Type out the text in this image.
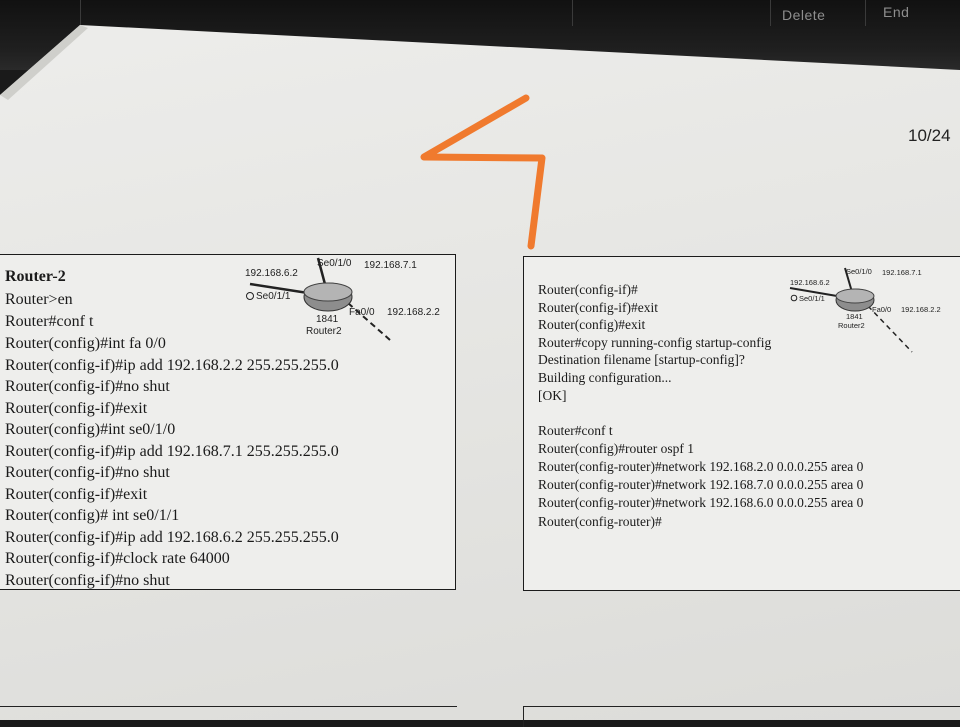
Delete	End
10/24
Router-2
Router>en
Router#conf t
Router(config)#int fa 0/0
Router(config-if)#ip add 192.168.2.2 255.255.255.0
Router(config-if)#no shut
Router(config-if)#exit
Router(config)#int se0/1/0
Router(config-if)#ip add 192.168.7.1 255.255.255.0
Router(config-if)#no shut
Router(config-if)#exit
Router(config)# int se0/1/1
Router(config-if)#ip add 192.168.6.2 255.255.255.0
Router(config-if)#clock rate 64000
Router(config-if)#no shut
Se0/1/0 192.168.7.1
192.168.6.2
Se0/1/1
Fa0/0 192.168.2.2
1841
Router2
Router(config-if)#
Router(config-if)#exit
Router(config)#exit
Router#copy running-config startup-config
Destination filename [startup-config]?
Building configuration...
[OK]
Router#conf t
Router(config)#router ospf 1
Router(config-router)#network 192.168.2.0 0.0.0.255 area 0
Router(config-router)#network 192.168.7.0 0.0.0.255 area 0
Router(config-router)#network 192.168.6.0 0.0.0.255 area 0
Router(config-router)#
Se0/1/0 192.168.7.1
192.168.6.2
Se0/1/1
Fa0/0 192.168.2.2
1841
Router2
